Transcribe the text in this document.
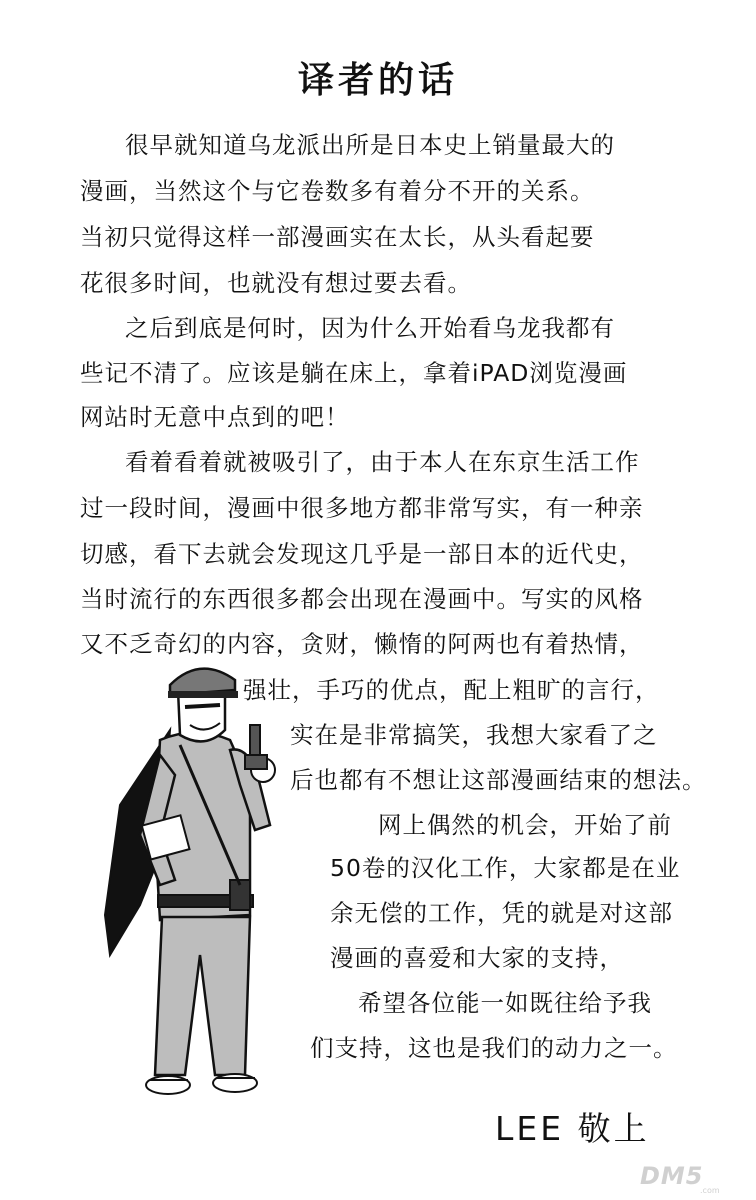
译者的话
很早就知道乌龙派出所是日本史上销量最大的
漫画，当然这个与它卷数多有着分不开的关系。
当初只觉得这样一部漫画实在太长，从头看起要
花很多时间，也就没有想过要去看。
之后到底是何时，因为什么开始看乌龙我都有
些记不清了。应该是躺在床上，拿着iPAD浏览漫画
网站时无意中点到的吧！
看着看着就被吸引了，由于本人在东京生活工作
过一段时间，漫画中很多地方都非常写实，有一种亲
切感，看下去就会发现这几乎是一部日本的近代史，
当时流行的东西很多都会出现在漫画中。写实的风格
又不乏奇幻的内容，贪财，懒惰的阿两也有着热情，
强壮，手巧的优点，配上粗旷的言行，
实在是非常搞笑，我想大家看了之
后也都有不想让这部漫画结束的想法。
网上偶然的机会，开始了前
50卷的汉化工作，大家都是在业
余无偿的工作，凭的就是对这部
漫画的喜爱和大家的支持，
希望各位能一如既往给予我
们支持，这也是我们的动力之一。
LEE 敬上
DM5
.com
